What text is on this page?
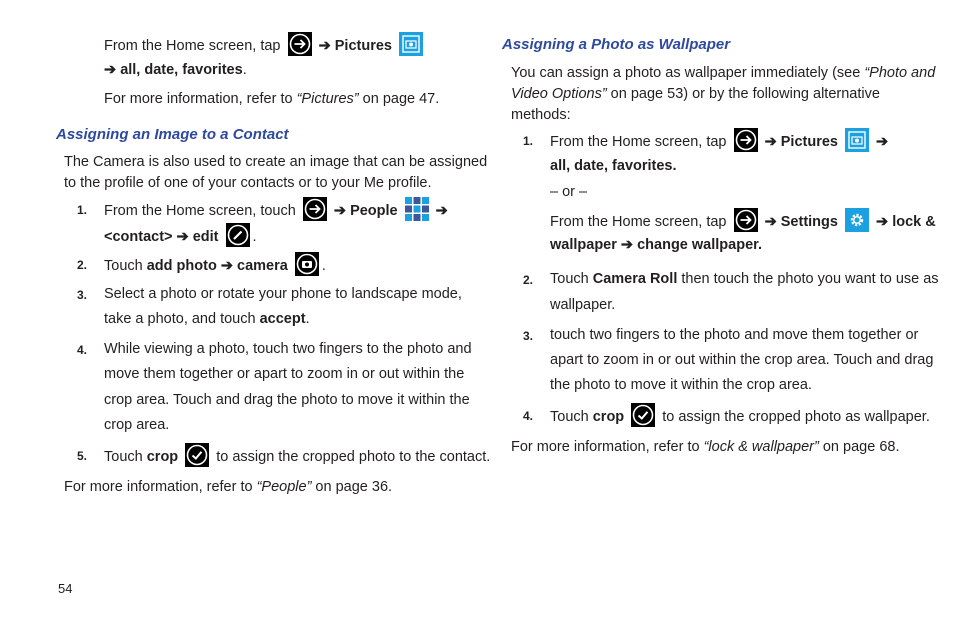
From the Home screen, tap	➔ Pictures
➔ all, date, favorites.
For more information, refer to “Pictures” on page 47.
Assigning an Image to a Contact
The Camera is also used to create an image that can be assigned
to the profile of one of your contacts or to your Me profile.
1. From the Home screen, touch	➔ People	➔
<contact> ➔ edit .
2. Touch add photo ➔ camera .
3. Select a photo or rotate your phone to landscape mode,
take a photo, and touch accept.
4. While viewing a photo, touch two fingers to the photo and
move them together or apart to zoom in or out within the
crop area. Touch and drag the photo to move it within the
crop area.
5. Touch crop	to assign the cropped photo to the contact.
For more information, refer to “People” on page 36.
Assigning a Photo as Wallpaper
You can assign a photo as wallpaper immediately (see “Photo and
Video Options” on page 53) or by the following alternative
methods:
1. From the Home screen, tap	➔ Pictures	➔
all, date, favorites.
– or –
From the Home screen, tap	➔ Settings	➔ lock &
wallpaper ➔ change wallpaper.
2. Touch Camera Roll then touch the photo you want to use as
wallpaper.
3. touch two fingers to the photo and move them together or
apart to zoom in or out within the crop area. Touch and drag
the photo to move it within the crop area.
4. Touch crop	to assign the cropped photo as wallpaper.
For more information, refer to “lock & wallpaper” on page 68.
54
